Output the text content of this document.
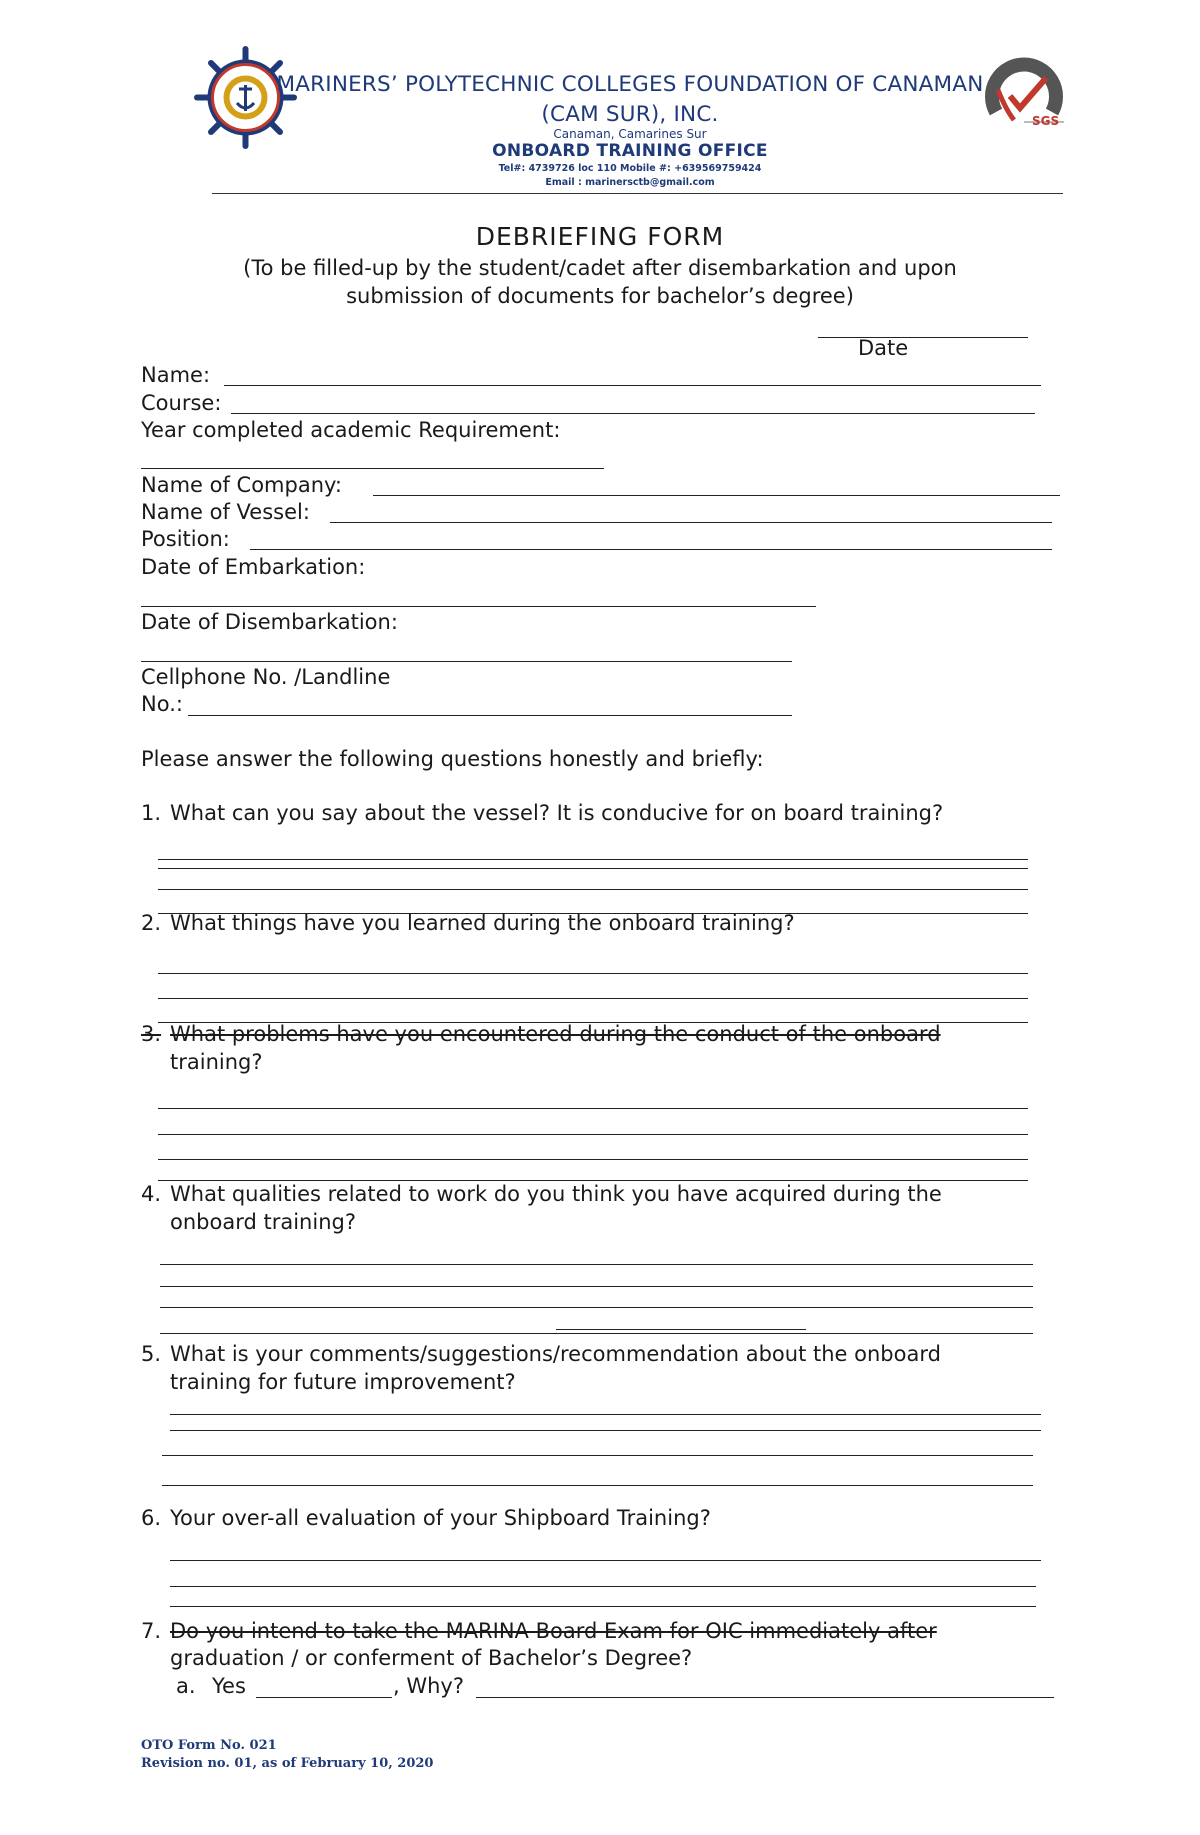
MARINERS’ POLYTECHNIC COLLEGES FOUNDATION OF CANAMAN
(CAM SUR), INC.
Canaman, Camarines Sur
ONBOARD TRAINING OFFICE
Tel#: 4739726 loc 110 Mobile #: +639569759424
Email : marinersctb@gmail.com
SGS
DEBRIEFING FORM
(To be filled-up by the student/cadet after disembarkation and upon
submission of documents for bachelor’s degree)
Date
Name:
Course:
Year completed academic Requirement:
Name of Company:
Name of Vessel:
Position:
Date of Embarkation:
Date of Disembarkation:
Cellphone No. /Landline
No.:
Please answer the following questions honestly and briefly:
1. What can you say about the vessel? It is conducive for on board training?
2. What things have you learned during the onboard training?
3. What problems have you encountered during the conduct of the onboard
training?
4. What qualities related to work do you think you have acquired during the
onboard training?
5. What is your comments/suggestions/recommendation about the onboard
training for future improvement?
6. Your over-all evaluation of your Shipboard Training?
7. Do you intend to take the MARINA Board Exam for OIC immediately after
graduation / or conferment of Bachelor’s Degree?
a. Yes	, Why?
OTO Form No. 021
Revision no. 01, as of February 10, 2020
